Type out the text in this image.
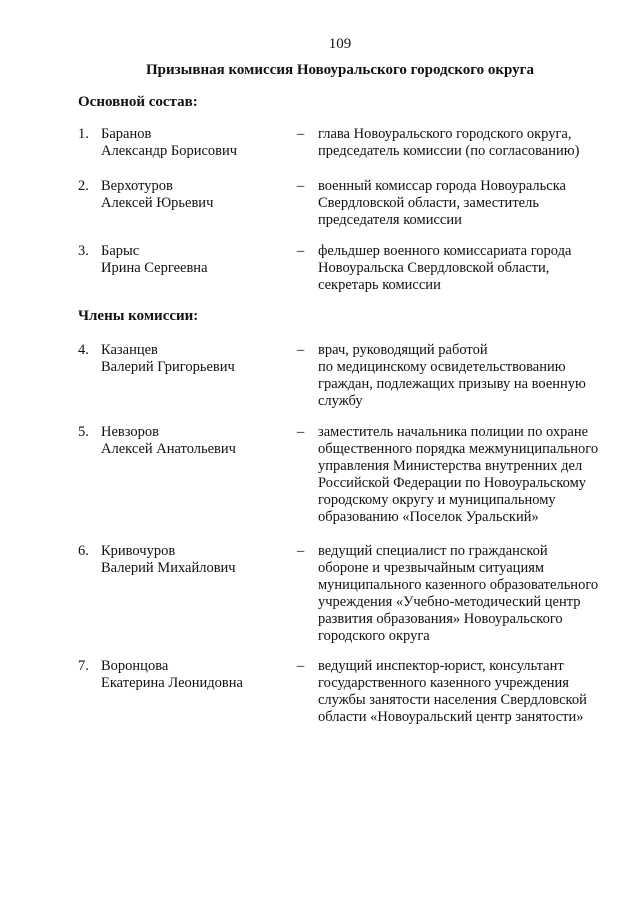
109
Призывная комиссия Новоуральского городского округа
Основной состав:
1. Баранов
Александр Борисович
– глава Новоуральского городского округа,
председатель комиссии (по согласованию)
2. Верхотуров
Алексей Юрьевич
– военный комиссар города Новоуральска
Свердловской области, заместитель
председателя комиссии
3. Барыс
Ирина Сергеевна
– фельдшер военного комиссариата города
Новоуральска Свердловской области,
секретарь комиссии
Члены комиссии:
4. Казанцев
Валерий Григорьевич
– врач, руководящий работой
по медицинскому освидетельствованию
граждан, подлежащих призыву на военную
службу
5. Невзоров
Алексей Анатольевич
– заместитель начальника полиции по охране
общественного порядка межмуниципального
управления Министерства внутренних дел
Российской Федерации по Новоуральскому
городскому округу и муниципальному
образованию «Поселок Уральский»
6. Кривочуров
Валерий Михайлович
– ведущий специалист по гражданской
обороне и чрезвычайным ситуациям
муниципального казенного образовательного
учреждения «Учебно-методический центр
развития образования» Новоуральского
городского округа
7. Воронцова
Екатерина Леонидовна
– ведущий инспектор-юрист, консультант
государственного казенного учреждения
службы занятости населения Свердловской
области «Новоуральский центр занятости»
